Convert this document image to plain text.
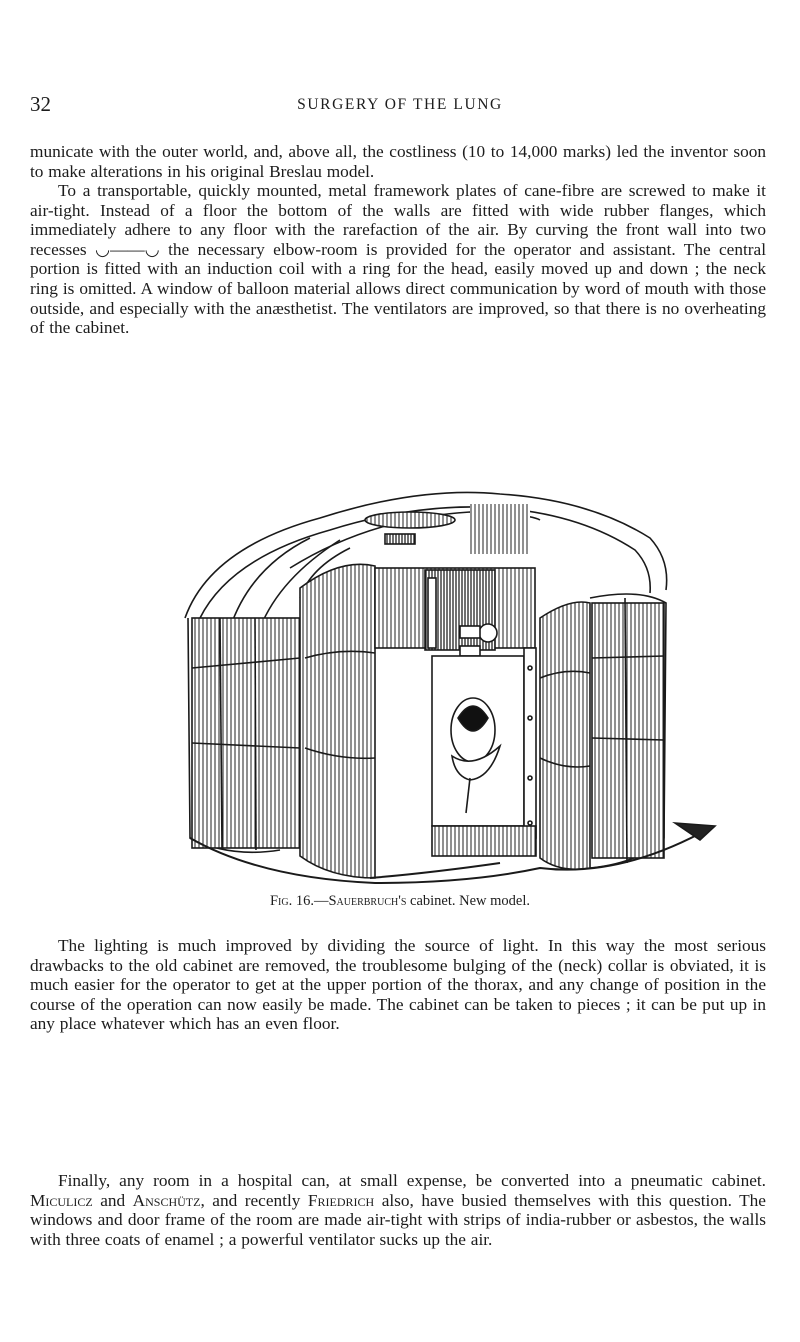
32	SURGERY OF THE LUNG

municate with the outer world, and, above all, the costliness (10 to 14,000 marks) led the inventor soon to make alterations in his original Breslau model.

To a transportable, quickly mounted, metal framework plates of cane-fibre are screwed to make it air-tight. Instead of a floor the bottom of the walls are fitted with wide rubber flanges, which immediately adhere to any floor with the rarefaction of the air. By curving the front wall into two recesses ◡——◡ the necessary elbow-room is provided for the operator and assistant. The central portion is fitted with an induction coil with a ring for the head, easily moved up and down ; the neck ring is omitted. A window of balloon material allows direct communication by word of mouth with those outside, and especially with the anæsthetist. The ventilators are improved, so that there is no overheating of the cabinet.

Fig. 16.—Sauerbruch's cabinet. New model.

The lighting is much improved by dividing the source of light. In this way the most serious drawbacks to the old cabinet are removed, the troublesome bulging of the (neck) collar is obviated, it is much easier for the operator to get at the upper portion of the thorax, and any change of position in the course of the operation can now easily be made. The cabinet can be taken to pieces ; it can be put up in any place whatever which has an even floor.

Finally, any room in a hospital can, at small expense, be converted into a pneumatic cabinet. Miculicz and Anschütz, and recently Friedrich also, have busied themselves with this question. The windows and door frame of the room are made air-tight with strips of india-rubber or asbestos, the walls with three coats of enamel ; a powerful ventilator sucks up the air.
